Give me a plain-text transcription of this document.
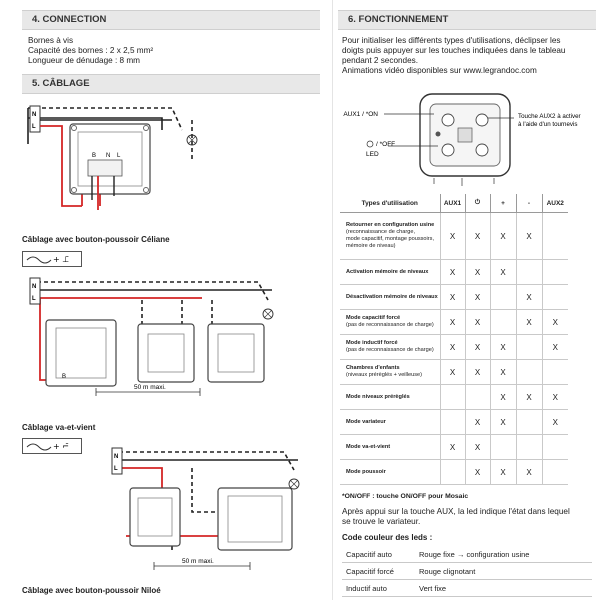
4. CONNECTION
Bornes à vis
Capacité des bornes : 2 x 2,5 mm²
Longueur de dénudage : 8 mm
5. CÂBLAGE
B N L
N
L
Câblage avec bouton-poussoir Céliane
+ ⊥̄
N
L
B
50 m maxi.
Câblage va-et-vient
+ ⌐̄
N
L
50 m maxi.
Câblage avec bouton-poussoir Niloé
6. FONCTIONNEMENT
Pour initialiser les différents types d'utilisations, déclipser les
doigts puis appuyer sur les touches indiquées dans le tableau
pendant 2 secondes.
Animations vidéo disponibles sur www.legrandoc.com
AUX1 / *ON
/ *OFF
LED
Touche AUX2 à activer
à l'aide d'un tournevis
Types d'utilisation	AUX1	⏻	+	-	AUX2

Retourner en configuration usine
(reconnaissance de charge,
mode capacitif, montage poussoirs,
mémoire de niveau)	X	X	X	X	
Activation mémoire de niveaux	X	X	X		
Désactivation mémoire de niveaux	X	X		X	

Mode capacitif forcé
(pas de reconnaissance de charge)	X	X		X	X

Mode inductif forcé
(pas de reconnaissance de charge)	X	X	X		X

Chambres d'enfants
(niveaux prérèglés + veilleuse)	X	X	X		
Mode niveaux prérèglés			X	X	X
Mode variateur		X	X		X
Mode va-et-vient	X	X			
Mode poussoir		X	X	X	
*ON/OFF : touche ON/OFF pour Mosaic
Après appui sur la touche AUX, la led indique l'état dans lequel
se trouve le variateur.
Code couleur des leds :
Capacitif auto	Rouge fixe → configuration usine
Capacitif forcé	Rouge clignotant
Inductif auto	Vert fixe
